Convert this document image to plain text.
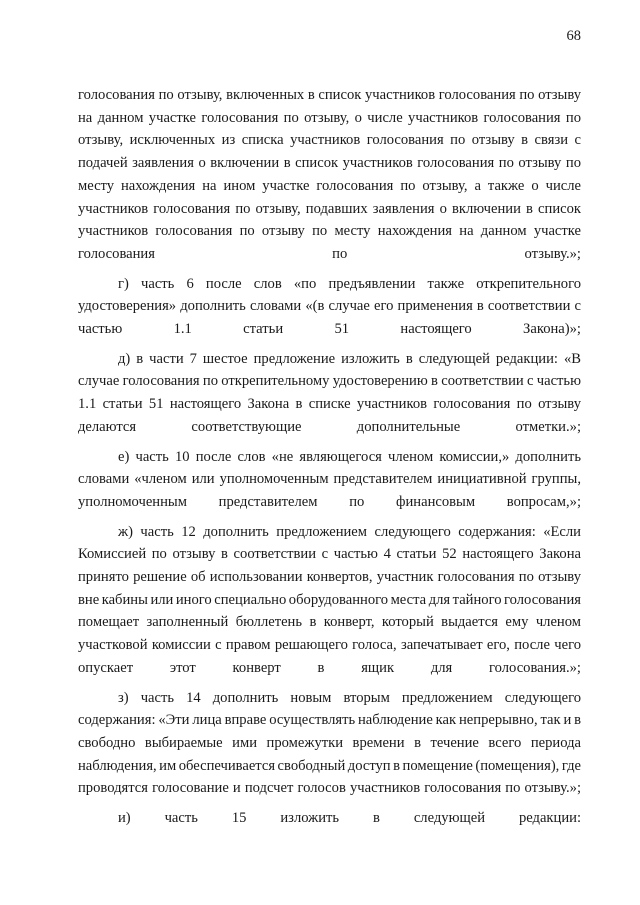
68
голосования по отзыву, включенных в список участников голосования по отзыву
на данном участке голосования по отзыву, о числе участников голосования по
отзыву, исключенных из списка участников голосования по отзыву в связи с
подачей заявления о включении в список участников голосования по отзыву по
месту нахождения на ином участке голосования по отзыву, а также о числе
участников голосования по отзыву, подавших заявления о включении в список
участников голосования по отзыву по месту нахождения на данном участке
голосования по отзыву.»;
г) часть 6 после слов «по предъявлении также открепительного
удостоверения» дополнить словами «(в случае его применения в соответствии с
частью 1.1 статьи 51 настоящего Закона)»;
д) в части 7 шестое предложение изложить в следующей редакции: «В
случае голосования по открепительному удостоверению в соответствии с частью
1.1 статьи 51 настоящего Закона в списке участников голосования по отзыву
делаются соответствующие дополнительные отметки.»;
е) часть 10 после слов «не являющегося членом комиссии,» дополнить
словами «членом или уполномоченным представителем инициативной группы,
уполномоченным представителем по финансовым вопросам,»;
ж) часть 12 дополнить предложением следующего содержания: «Если
Комиссией по отзыву в соответствии с частью 4 статьи 52 настоящего Закона
принято решение об использовании конвертов, участник голосования по отзыву
вне кабины или иного специально оборудованного места для тайного голосования
помещает заполненный бюллетень в конверт, который выдается ему членом
участковой комиссии с правом решающего голоса, запечатывает его, после чего
опускает этот конверт в ящик для голосования.»;
з) часть 14 дополнить новым вторым предложением следующего
содержания: «Эти лица вправе осуществлять наблюдение как непрерывно, так и в
свободно выбираемые ими промежутки времени в течение всего периода
наблюдения, им обеспечивается свободный доступ в помещение (помещения), где
проводятся голосование и подсчет голосов участников голосования по отзыву.»;
и) часть 15 изложить в следующей редакции:
